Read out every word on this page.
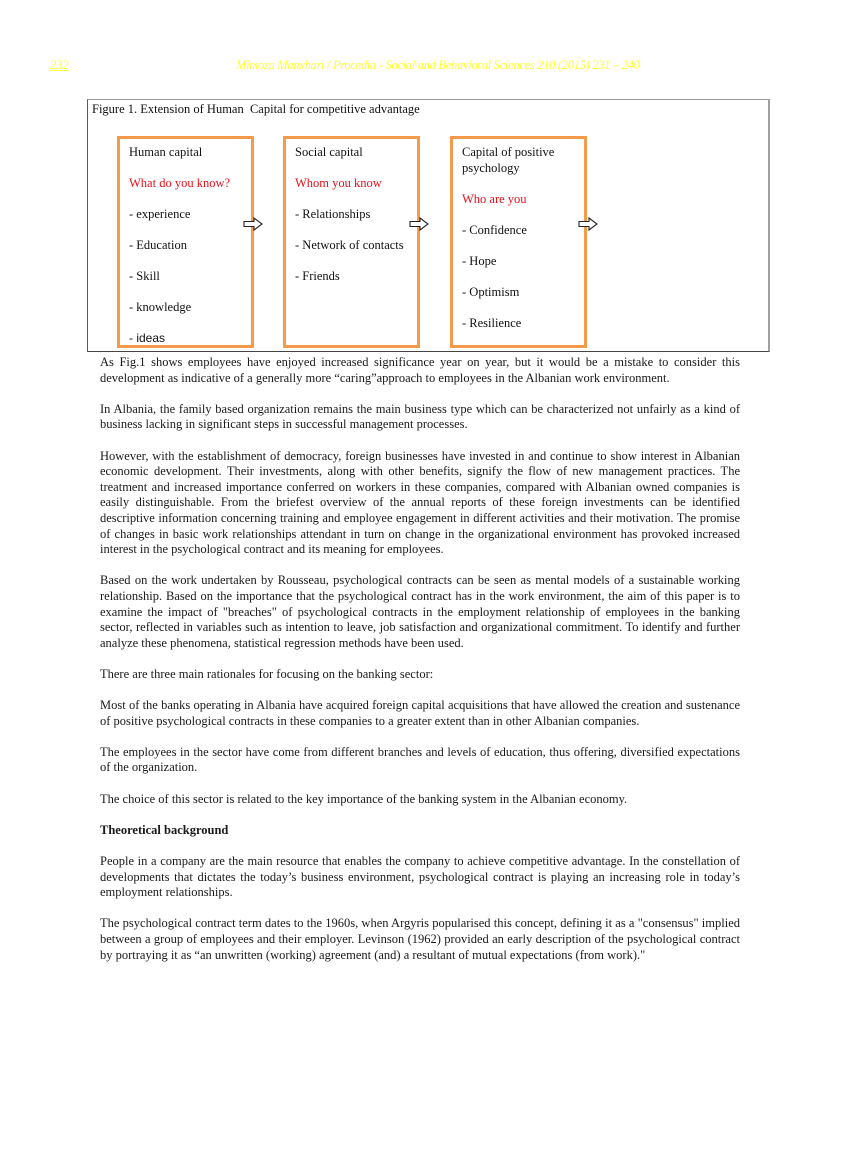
232	Mimoza Manxhari / Procedia - Social and Behavioral Sciences 210 (2015) 231 – 240
Figure 1. Extension of Human  Capital for competitive advantage
Human capital
What do you know?
- experience
- Education
- Skill
- knowledge
- ideas
Social capital
Whom you know
- Relationships
- Network of contacts
- Friends
Capital of positive psychology
Who are you
- Confidence
- Hope
- Optimism
- Resilience

As Fig.1 shows employees have enjoyed increased significance year on year, but it would be a mistake to consider this development as indicative of a generally more “caring”approach to employees in the Albanian work environment.

In Albania, the family based organization remains the main business type which can be characterized not unfairly as a kind of business lacking in significant steps in successful management processes.

However, with the establishment of democracy, foreign businesses have invested in and continue to show interest in Albanian economic development. Their investments, along with other benefits, signify the flow of new management practices. The treatment and increased importance conferred on workers in these companies, compared with Albanian owned companies is easily distinguishable. From the briefest overview of the annual reports of these foreign investments can be identified descriptive information concerning training and employee engagement in different activities and their motivation. The promise of changes in basic work relationships attendant in turn on change in the organizational environment has provoked increased interest in the psychological contract and its meaning for employees.

Based on the work undertaken by Rousseau, psychological contracts can be seen as mental models of a sustainable working relationship. Based on the importance that the psychological contract has in the work environment, the aim of this paper is to examine the impact of "breaches" of psychological contracts in the employment relationship of employees in the banking sector, reflected in variables such as intention to leave, job satisfaction and organizational commitment. To identify and further analyze these phenomena, statistical regression methods have been used.

There are three main rationales for focusing on the banking sector:

Most of the banks operating in Albania have acquired foreign capital acquisitions that have allowed the creation and sustenance of positive psychological contracts in these companies to a greater extent than in other Albanian companies.

The employees in the sector have come from different branches and levels of education, thus offering, diversified expectations of the organization.

The choice of this sector is related to the key importance of the banking system in the Albanian economy.

Theoretical background

People in a company are the main resource that enables the company to achieve competitive advantage. In the constellation of developments that dictates the today’s business environment, psychological contract is playing an increasing role in today’s employment relationships.

The psychological contract term dates to the 1960s, when Argyris popularised this concept, defining it as a "consensus" implied between a group of employees and their employer. Levinson (1962) provided an early description of the psychological contract by portraying it as “an unwritten (working) agreement (and) a resultant of mutual expectations (from work)."
